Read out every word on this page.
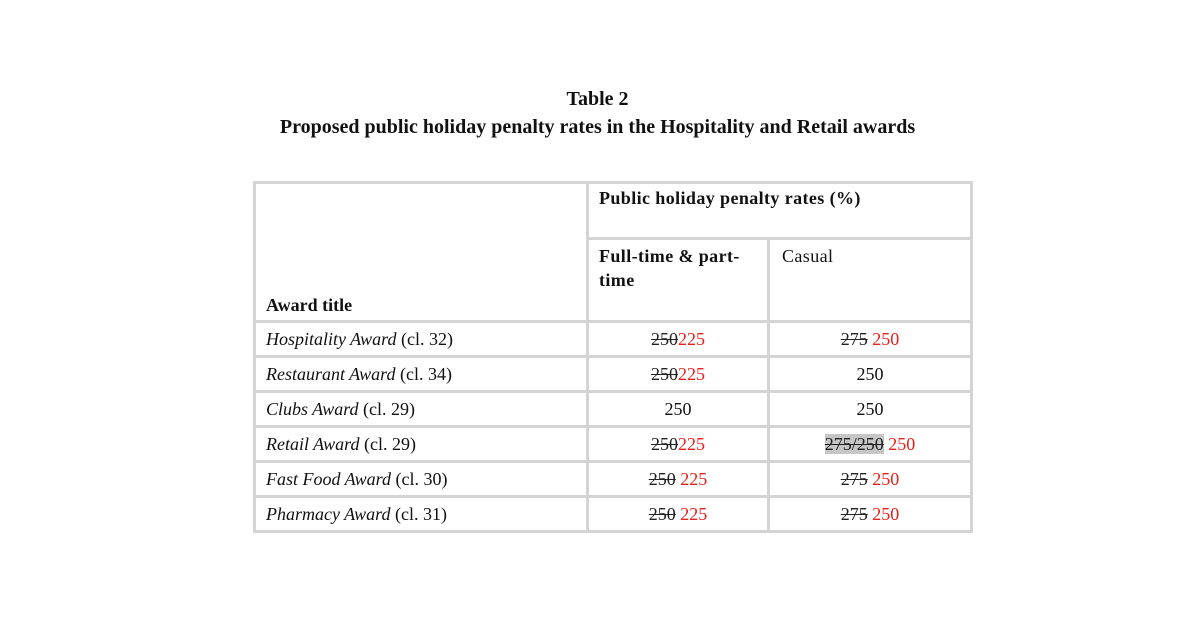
Table 2
Proposed public holiday penalty rates in the Hospitality and Retail awards
Award title	Public holiday penalty rates (%)	
	Full-time & part-time	Casual
Hospitality Award (cl. 32)	250225	275 250
Restaurant Award (cl. 34)	250225	250
Clubs Award (cl. 29)	250	250
Retail Award (cl. 29)	250225	275/250 250
Fast Food Award (cl. 30)	250 225	275 250
Pharmacy Award (cl. 31)	250 225	275 250
